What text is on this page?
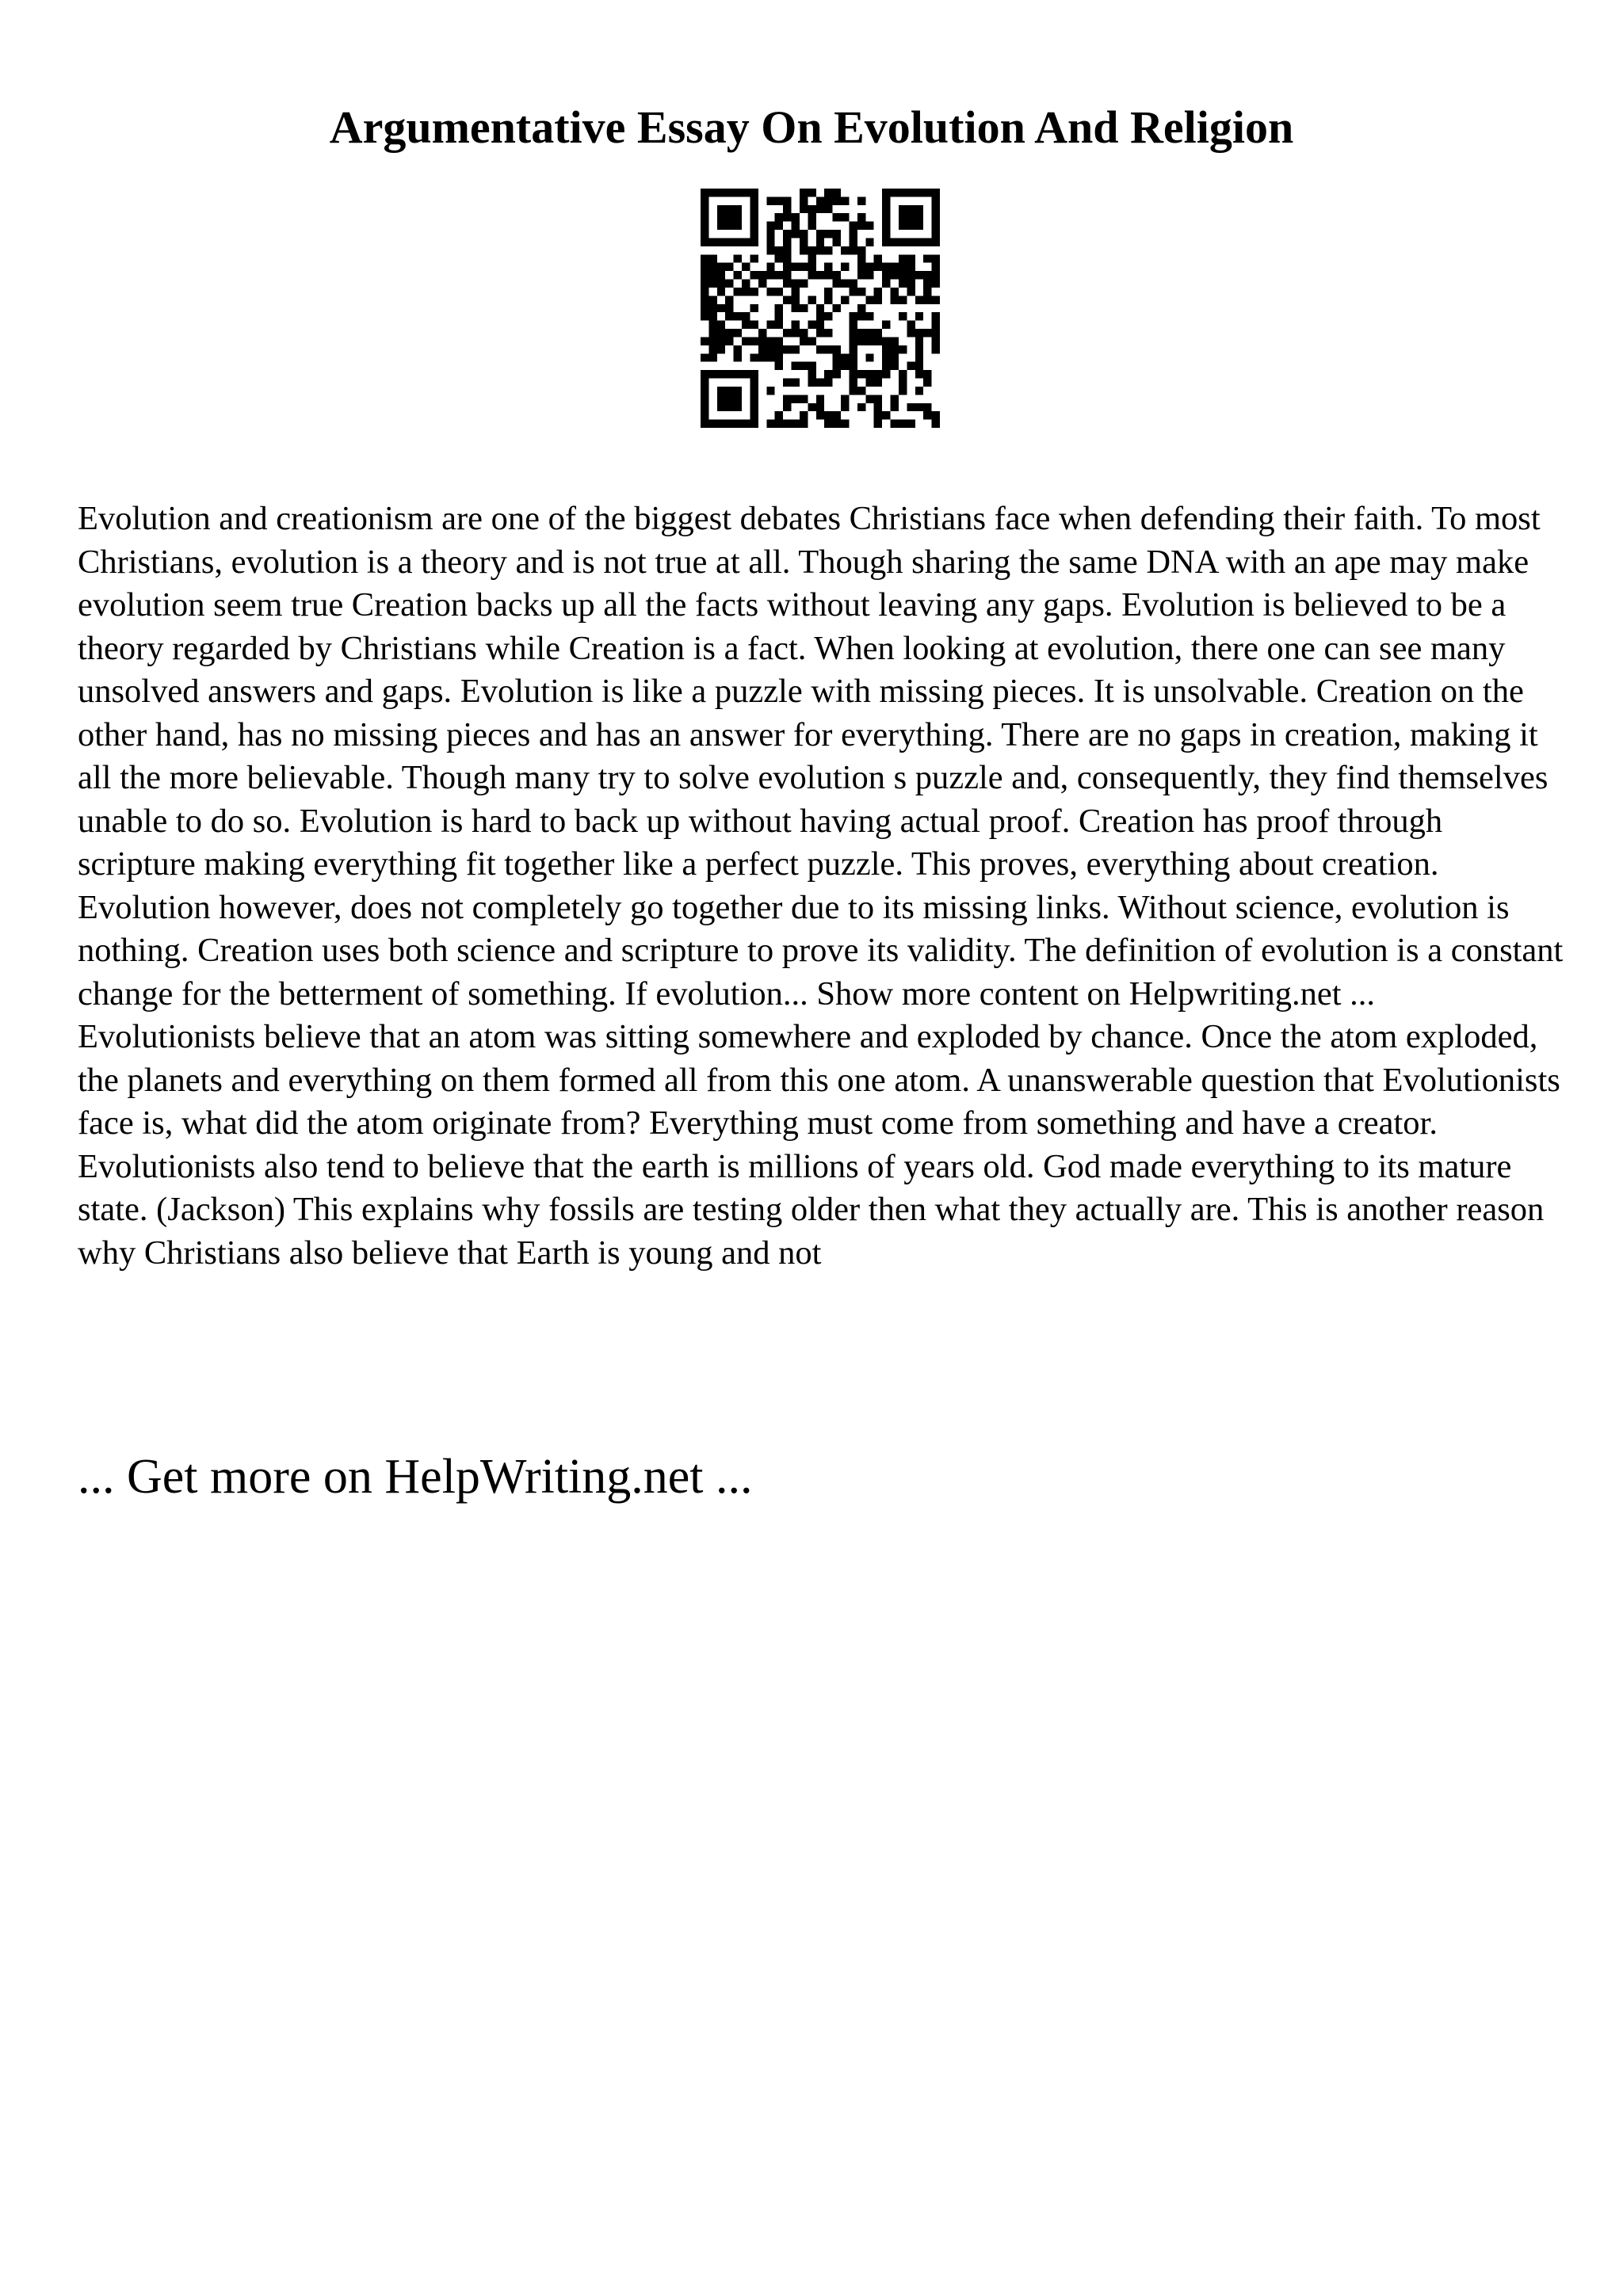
Argumentative Essay On Evolution And Religion

Evolution and creationism are one of the biggest debates Christians face when defending their faith. To most Christians, evolution is a theory and is not true at all. Though sharing the same DNA with an ape may make evolution seem true Creation backs up all the facts without leaving any gaps. Evolution is believed to be a theory regarded by Christians while Creation is a fact. When looking at evolution, there one can see many unsolved answers and gaps. Evolution is like a puzzle with missing pieces. It is unsolvable. Creation on the other hand, has no missing pieces and has an answer for everything. There are no gaps in creation, making it all the more believable. Though many try to solve evolution s puzzle and, consequently, they find themselves unable to do so. Evolution is hard to back up without having actual proof. Creation has proof through scripture making everything fit together like a perfect puzzle. This proves, everything about creation. Evolution however, does not completely go together due to its missing links. Without science, evolution is nothing. Creation uses both science and scripture to prove its validity. The definition of evolution is a constant change for the betterment of something. If evolution... Show more content on Helpwriting.net ...

Evolutionists believe that an atom was sitting somewhere and exploded by chance. Once the atom exploded, the planets and everything on them formed all from this one atom. A unanswerable question that Evolutionists face is, what did the atom originate from? Everything must come from something and have a creator. Evolutionists also tend to believe that the earth is millions of years old. God made everything to its mature state. (Jackson) This explains why fossils are testing older then what they actually are. This is another reason why Christians also believe that Earth is young and not

... Get more on HelpWriting.net ...
